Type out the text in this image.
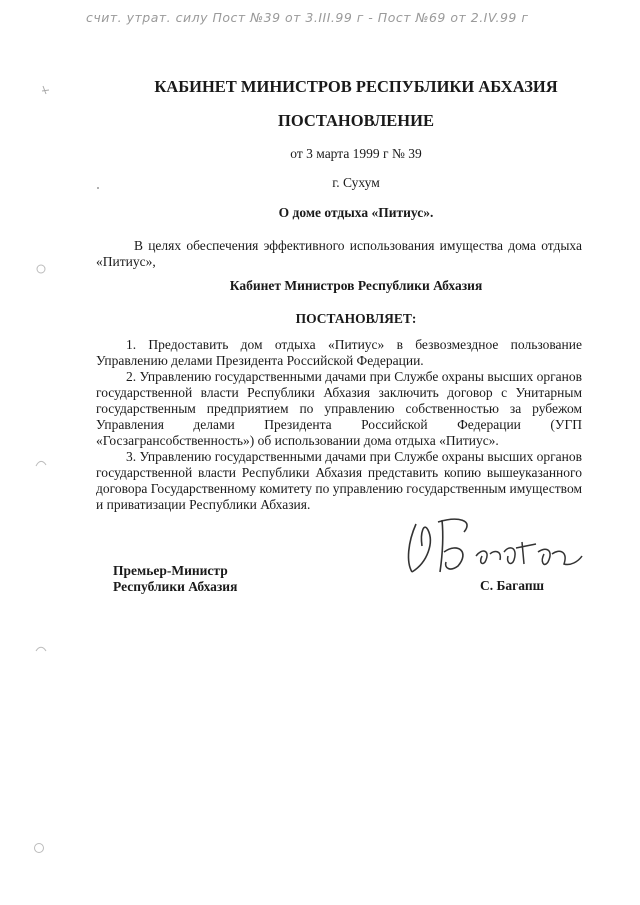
счит. утрат. силу Пост №39 от 3.III.99 г - Пост №69 от 2.IV.99 г
КАБИНЕТ МИНИСТРОВ РЕСПУБЛИКИ АБХАЗИЯ
ПОСТАНОВЛЕНИЕ
от 3 марта 1999 г № 39
г. Сухум
О доме отдыха «Питиус».
В целях обеспечения эффективного использования имущества дома отдыха «Питиус»,
Кабинет Министров Республики Абхазия
ПОСТАНОВЛЯЕТ:

1. Предоставить дом отдыха «Питиус» в безвозмездное пользование Управлению делами Президента Российской Федерации.

2. Управлению государственными дачами при Службе охраны высших органов государственной власти Республики Абхазия заключить договор с Унитарным государственным предприятием по управлению собственностью за рубежом Управления делами Президента Российской Федерации (УГП «Госзагрансобственность») об использовании дома отдыха «Питиус».

3. Управлению государственными дачами при Службе охраны высших органов государственной власти Республики Абхазия представить копию вышеуказанного договора Государственному комитету по управлению государственным имуществом и приватизации Республики Абхазия.

Премьер-Министр
Республики Абхазия	С. Багапш
